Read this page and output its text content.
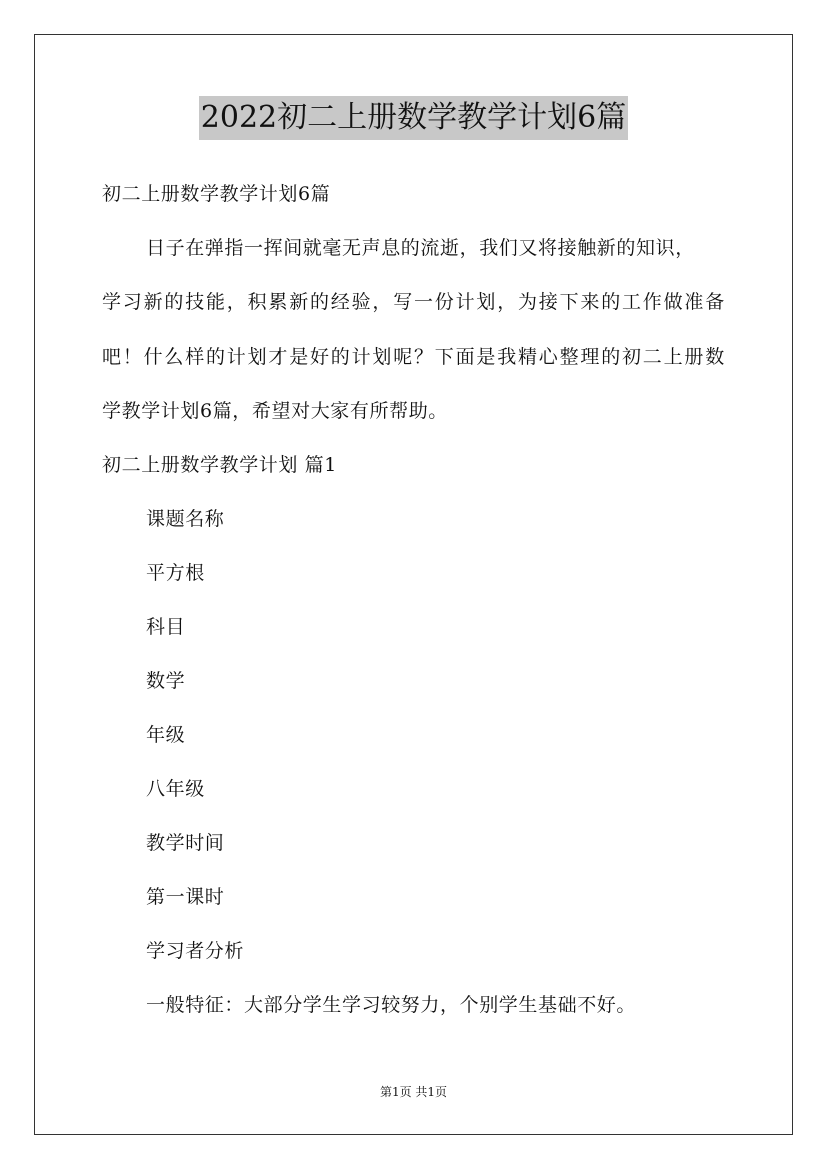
2022初二上册数学教学计划6篇
初二上册数学教学计划6篇
日子在弹指一挥间就毫无声息的流逝，我们又将接触新的知识，
学习新的技能，积累新的经验，写一份计划，为接下来的工作做准备
吧！什么样的计划才是好的计划呢？下面是我精心整理的初二上册数
学教学计划6篇，希望对大家有所帮助。
初二上册数学教学计划 篇1
课题名称
平方根
科目
数学
年级
八年级
教学时间
第一课时
学习者分析
一般特征：大部分学生学习较努力，个别学生基础不好。
第1页 共1页
